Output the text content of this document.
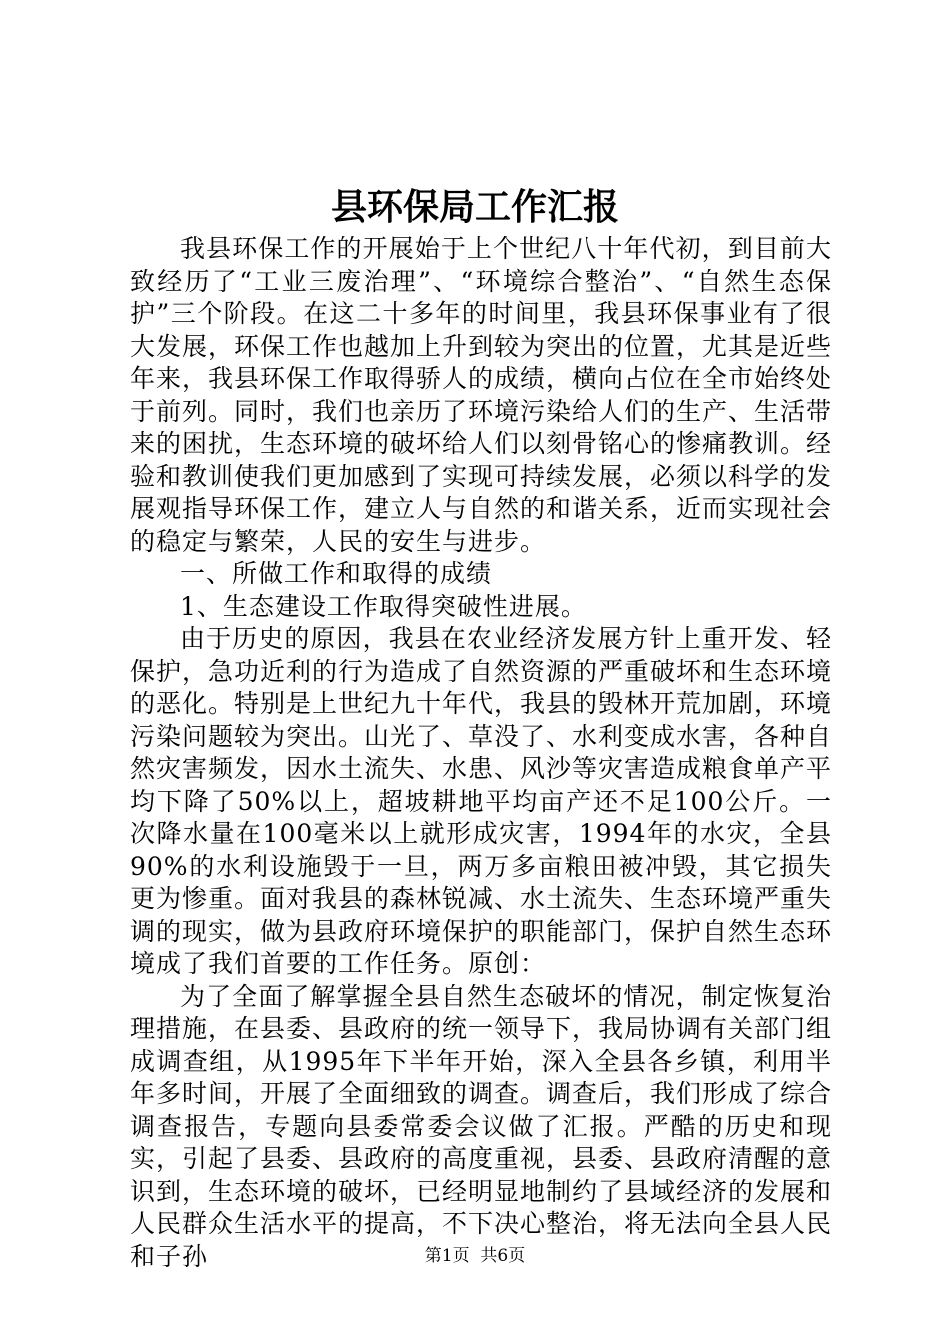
县环保局工作汇报

我县环保工作的开展始于上个世纪八十年代初，到目前大致经历了“工业三废治理”、“环境综合整治”、“自然生态保护”三个阶段。在这二十多年的时间里，我县环保事业有了很大发展，环保工作也越加上升到较为突出的位置，尤其是近些年来，我县环保工作取得骄人的成绩，横向占位在全市始终处于前列。同时，我们也亲历了环境污染给人们的生产、生活带来的困扰，生态环境的破坏给人们以刻骨铭心的惨痛教训。经验和教训使我们更加感到了实现可持续发展，必须以科学的发展观指导环保工作，建立人与自然的和谐关系，近而实现社会的稳定与繁荣，人民的安生与进步。

一、所做工作和取得的成绩

1、生态建设工作取得突破性进展。

由于历史的原因，我县在农业经济发展方针上重开发、轻保护，急功近利的行为造成了自然资源的严重破坏和生态环境的恶化。特别是上世纪九十年代，我县的毁林开荒加剧，环境污染问题较为突出。山光了、草没了、水利变成水害，各种自然灾害频发，因水土流失、水患、风沙等灾害造成粮食单产平均下降了50%以上，超坡耕地平均亩产还不足100公斤。一次降水量在100毫米以上就形成灾害，1994年的水灾，全县90%的水利设施毁于一旦，两万多亩粮田被冲毁，其它损失更为惨重。面对我县的森林锐减、水土流失、生态环境严重失调的现实，做为县政府环境保护的职能部门，保护自然生态环境成了我们首要的工作任务。原创：

为了全面了解掌握全县自然生态破坏的情况，制定恢复治理措施，在县委、县政府的统一领导下，我局协调有关部门组成调查组，从1995年下半年开始，深入全县各乡镇，利用半年多时间，开展了全面细致的调查。调查后，我们形成了综合调查报告，专题向县委常委会议做了汇报。严酷的历史和现实，引起了县委、县政府的高度重视，县委、县政府清醒的意识到，生态环境的破坏，已经明显地制约了县域经济的发展和人民群众生活水平的提高，不下决心整治，将无法向全县人民和子孙	第1页 共6页
